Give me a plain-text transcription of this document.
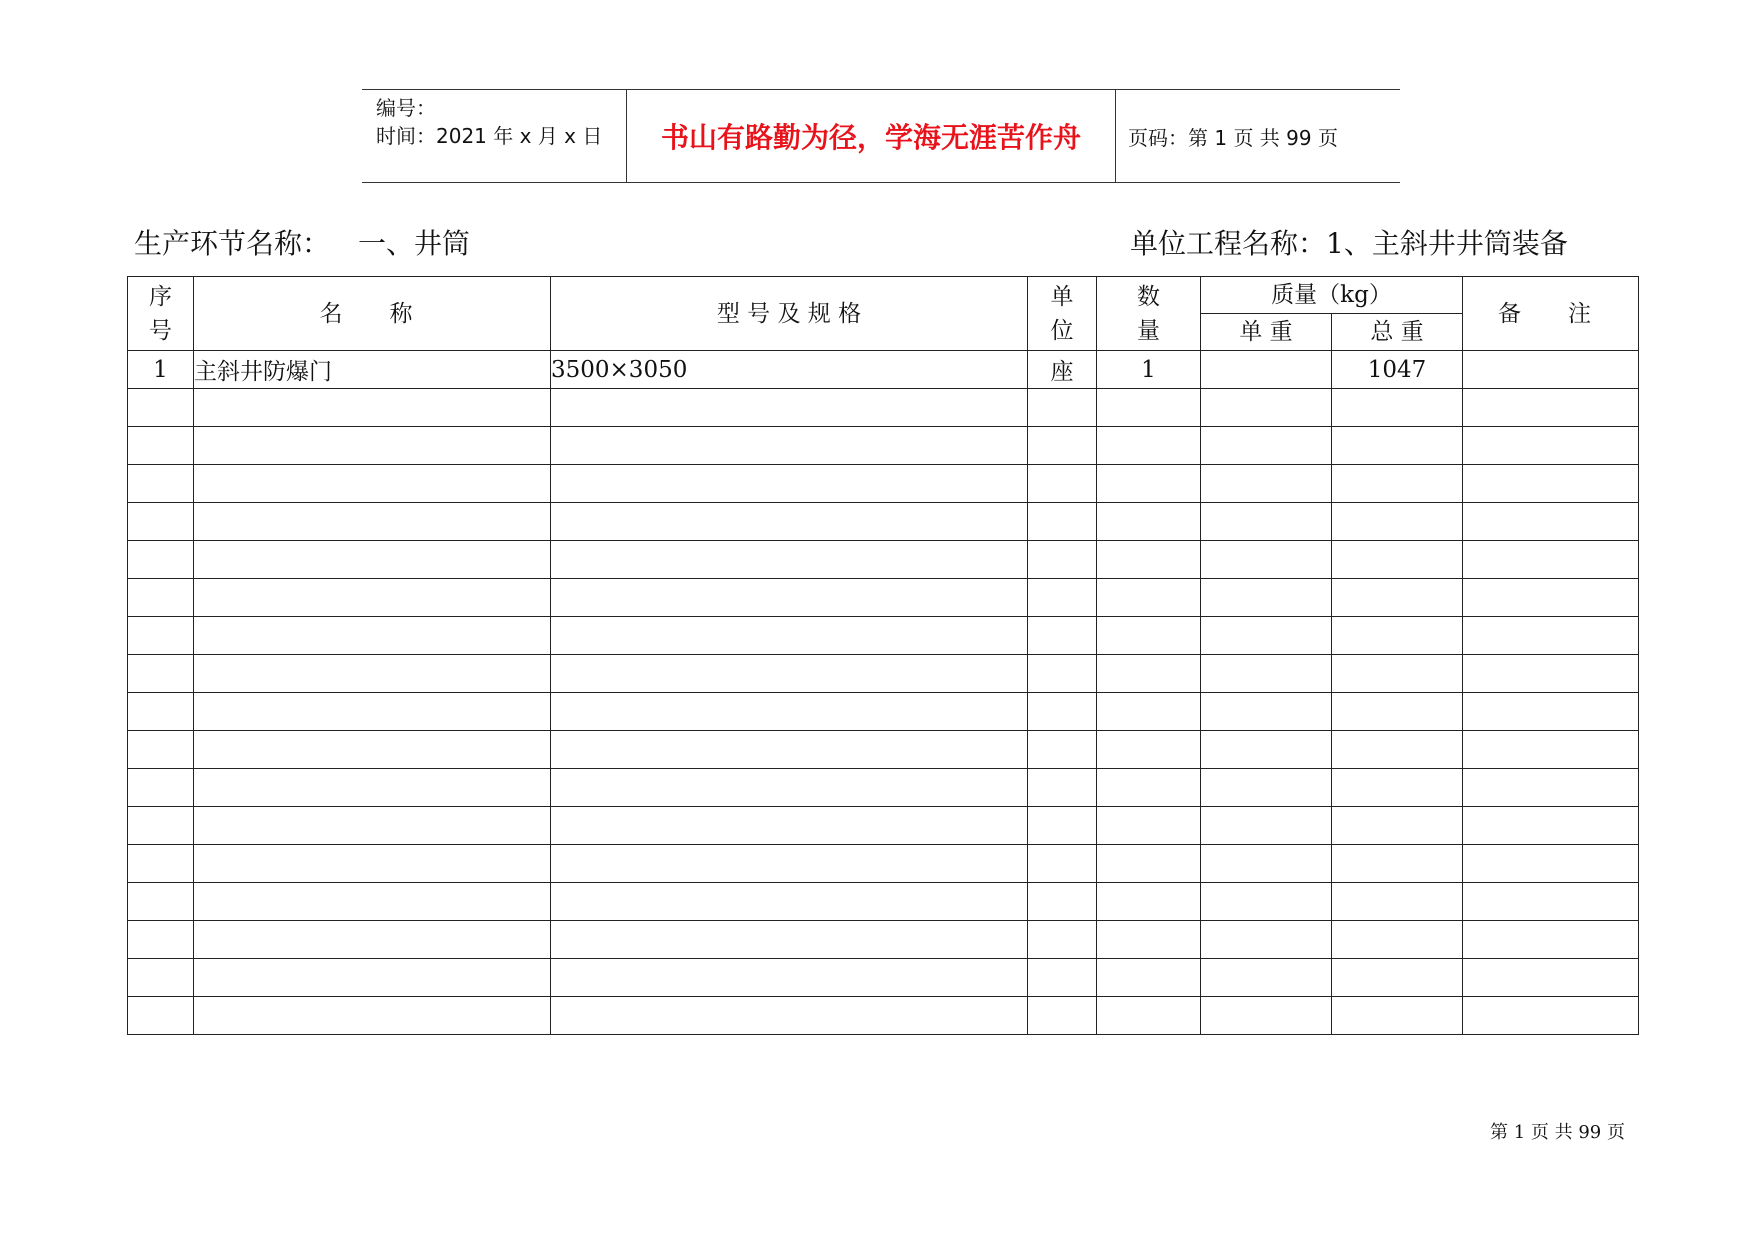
编号：
时间：2021 年 x 月 x 日	书山有路勤为径，学海无涯苦作舟	页码：第 1 页 共 99 页
生产环节名称： 一、井筒	单位工程名称：1、主斜井井筒装备
序号	名　称	型 号 及 规 格	单位	数量	质量（kg）		备　注
					单 重	总 重	
1	主斜井防爆门	3500×3050	座	1		1047	

第 1 页 共 99 页
